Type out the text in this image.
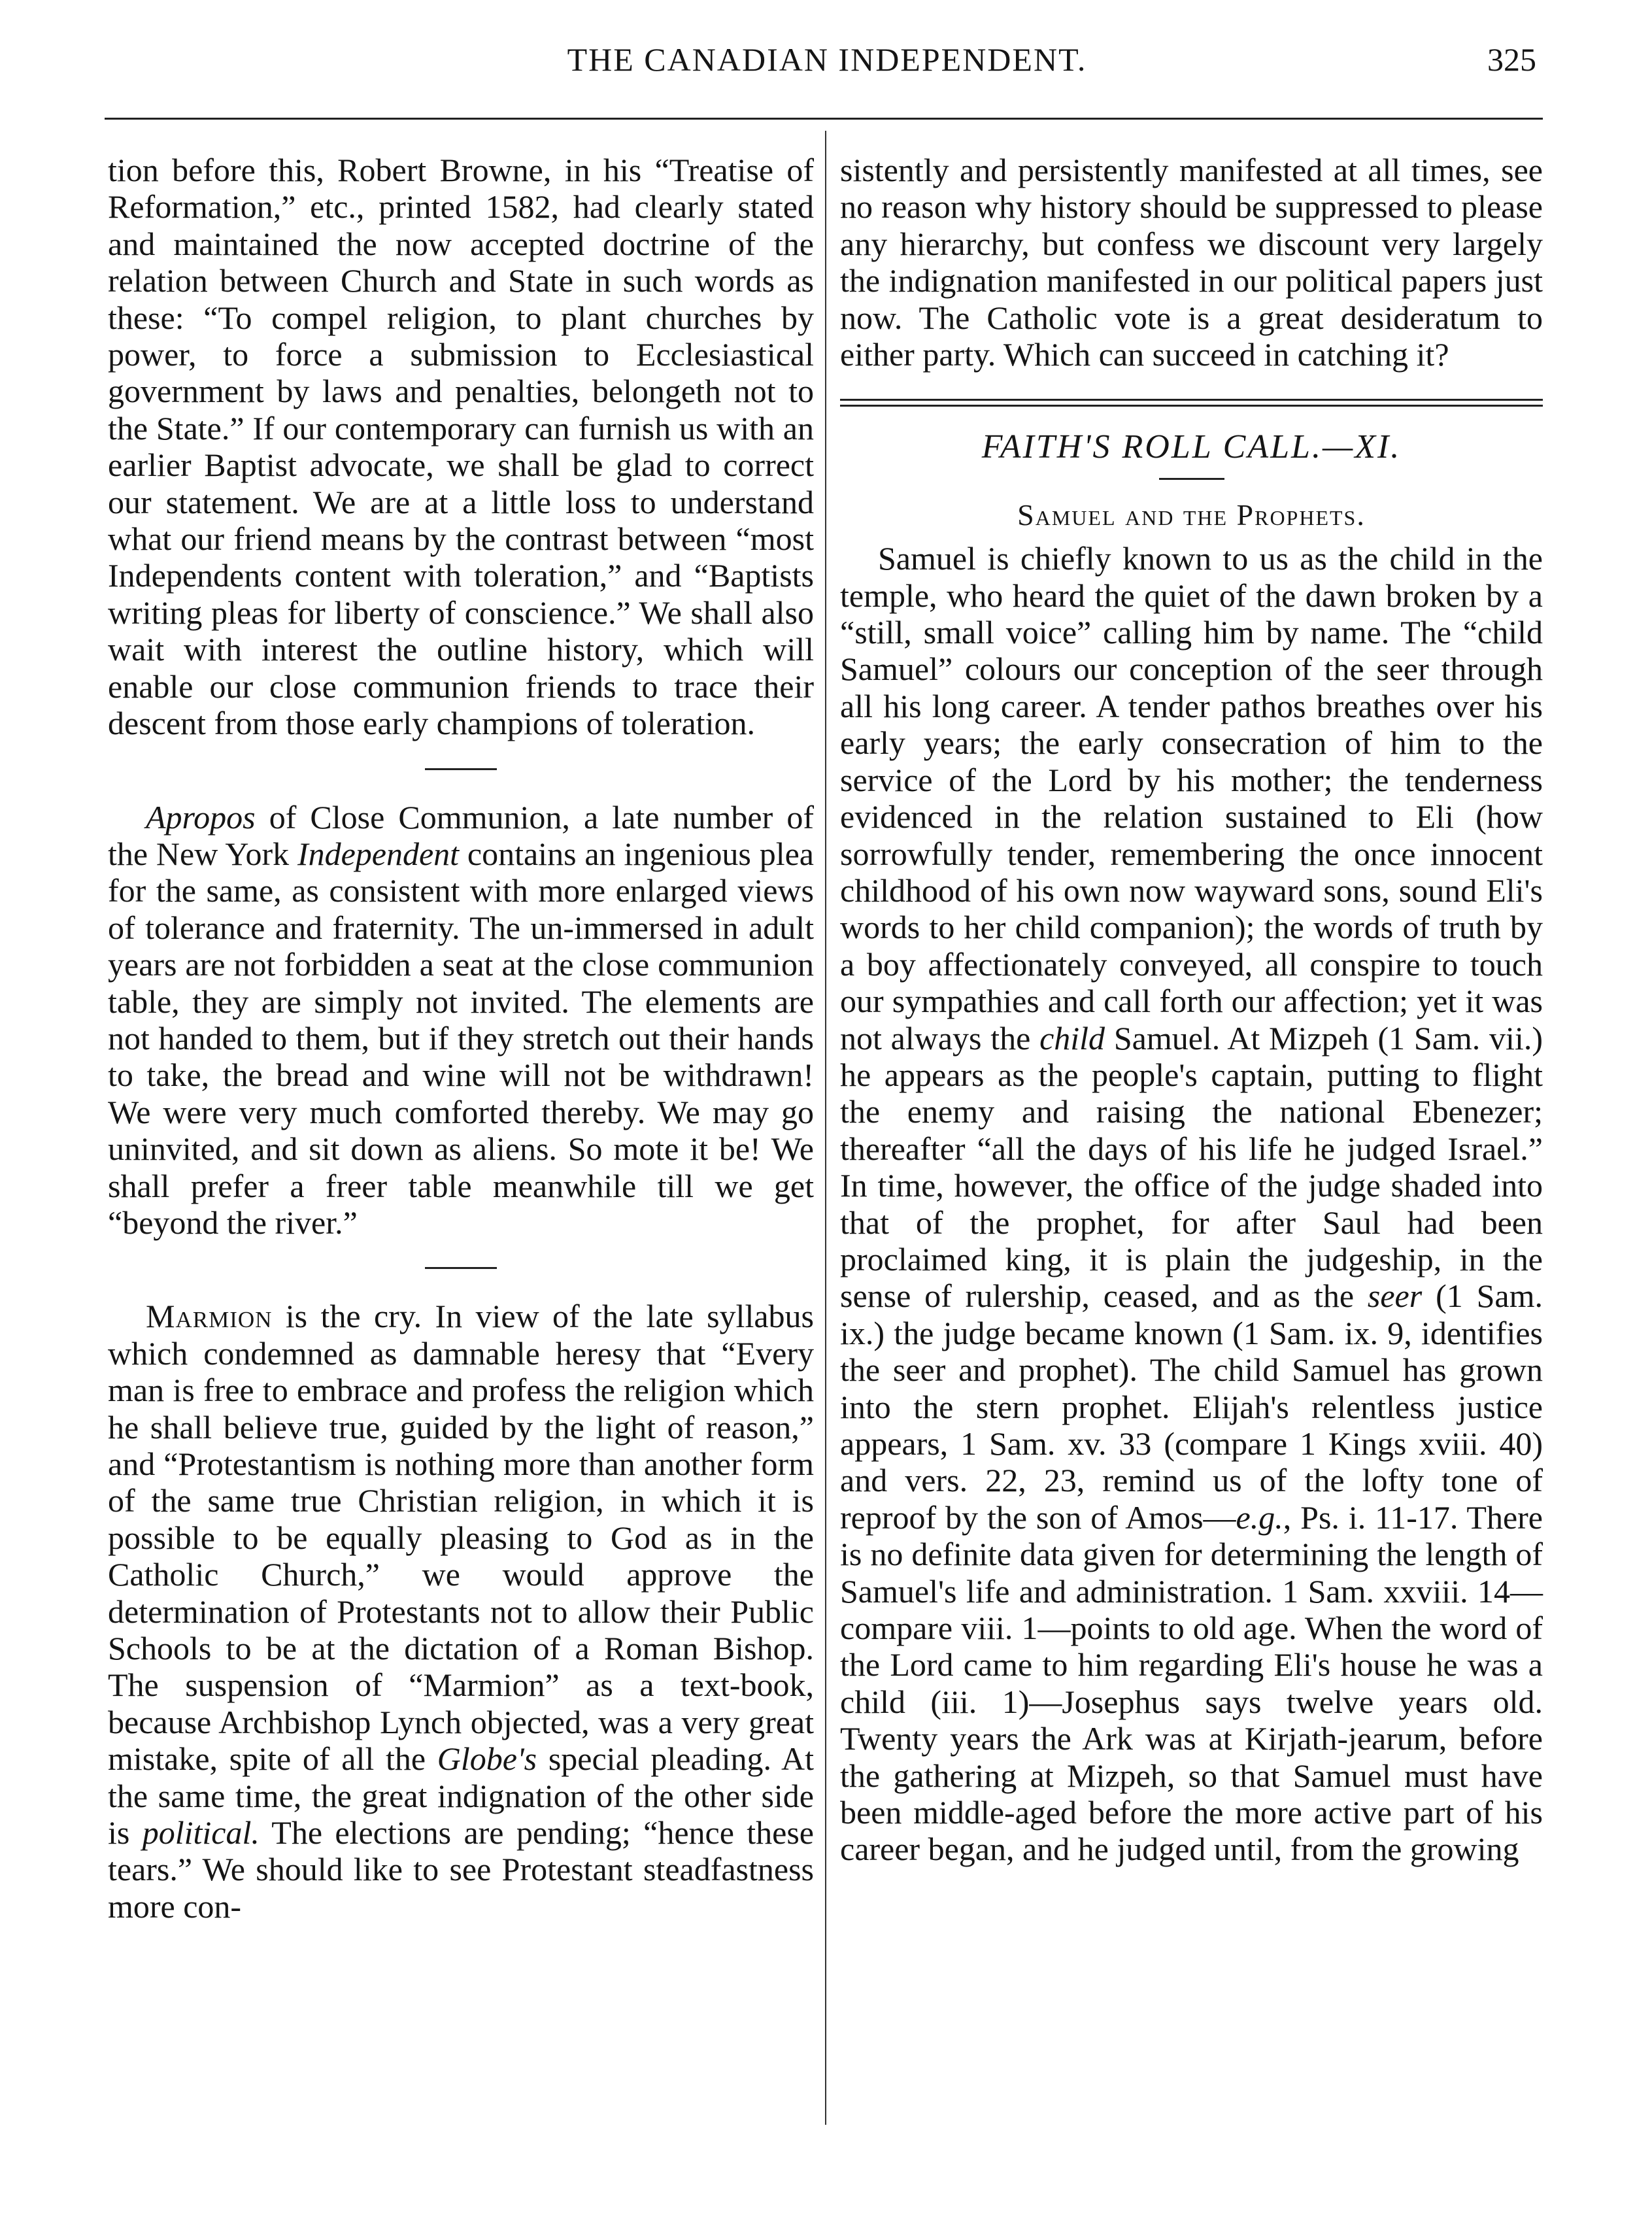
THE CANADIAN INDEPENDENT.	325

tion before this, Robert Browne, in his “Treatise of Reformation,” etc., printed 1582, had clearly stated and maintained the now accepted doctrine of the relation between Church and State in such words as these: “To compel religion, to plant churches by power, to force a submission to Ecclesiastical government by laws and penalties, belongeth not to the State.” If our contemporary can furnish us with an earlier Baptist advocate, we shall be glad to correct our statement. We are at a little loss to understand what our friend means by the contrast between “most Independents content with toleration,” and “Baptists writing pleas for liberty of conscience.” We shall also wait with interest the outline history, which will enable our close communion friends to trace their descent from those early champions of toleration.

Apropos of Close Communion, a late number of the New York Independent contains an ingenious plea for the same, as consistent with more enlarged views of tolerance and fraternity. The un-immersed in adult years are not forbidden a seat at the close communion table, they are simply not invited. The elements are not handed to them, but if they stretch out their hands to take, the bread and wine will not be withdrawn! We were very much comforted thereby. We may go uninvited, and sit down as aliens. So mote it be! We shall prefer a freer table meanwhile till we get “beyond the river.”

Marmion is the cry. In view of the late syllabus which condemned as damnable heresy that “Every man is free to embrace and profess the religion which he shall believe true, guided by the light of reason,” and “Protestantism is nothing more than another form of the same true Christian religion, in which it is possible to be equally pleasing to God as in the Catholic Church,” we would approve the determination of Protestants not to allow their Public Schools to be at the dictation of a Roman Bishop. The suspension of “Marmion” as a text-book, because Archbishop Lynch objected, was a very great mistake, spite of all the Globe's special pleading. At the same time, the great indignation of the other side is political. The elections are pending; “hence these tears.” We should like to see Protestant steadfastness more con-

sistently and persistently manifested at all times, see no reason why history should be suppressed to please any hierarchy, but confess we discount very largely the indignation manifested in our political papers just now. The Catholic vote is a great desideratum to either party. Which can succeed in catching it?

FAITH'S ROLL CALL.—XI.
Samuel and the Prophets.

Samuel is chiefly known to us as the child in the temple, who heard the quiet of the dawn broken by a “still, small voice” calling him by name. The “child Samuel” colours our conception of the seer through all his long career. A tender pathos breathes over his early years; the early consecration of him to the service of the Lord by his mother; the tenderness evidenced in the relation sustained to Eli (how sorrowfully tender, remembering the once innocent childhood of his own now wayward sons, sound Eli's words to her child companion); the words of truth by a boy affectionately conveyed, all conspire to touch our sympathies and call forth our affection; yet it was not always the child Samuel. At Mizpeh (1 Sam. vii.) he appears as the people's captain, putting to flight the enemy and raising the national Ebenezer; thereafter “all the days of his life he judged Israel.” In time, however, the office of the judge shaded into that of the prophet, for after Saul had been proclaimed king, it is plain the judgeship, in the sense of rulership, ceased, and as the seer (1 Sam. ix.) the judge became known (1 Sam. ix. 9, identifies the seer and prophet). The child Samuel has grown into the stern prophet. Elijah's relentless justice appears, 1 Sam. xv. 33 (compare 1 Kings xviii. 40) and vers. 22, 23, remind us of the lofty tone of reproof by the son of Amos—e.g., Ps. i. 11-17. There is no definite data given for determining the length of Samuel's life and administration. 1 Sam. xxviii. 14—compare viii. 1—points to old age. When the word of the Lord came to him regarding Eli's house he was a child (iii. 1)—Josephus says twelve years old. Twenty years the Ark was at Kirjath-jearum, before the gathering at Mizpeh, so that Samuel must have been middle-aged before the more active part of his career began, and he judged until, from the growing
